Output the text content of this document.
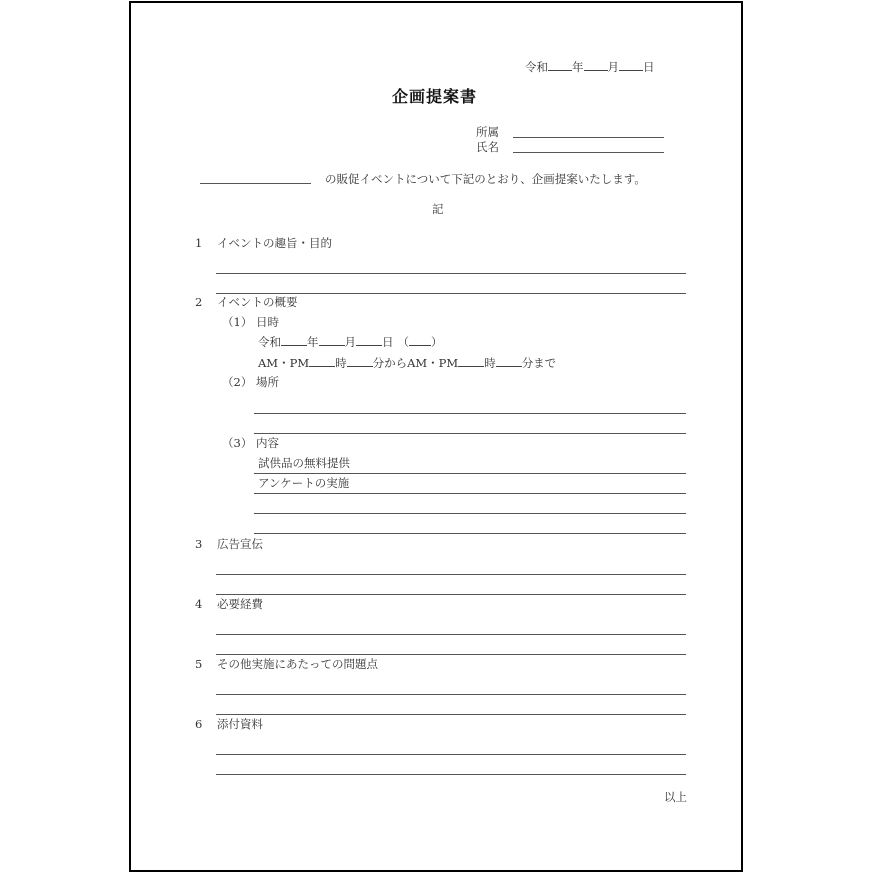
令和 年 月 日
企画提案書
所属
氏名
の販促イベントについて下記のとおり、企画提案いたします。
記
1 イベントの趣旨・目的
2 イベントの概要
（1） 日時
令和 年 月 日 （ ）
AM・PM 時 分からAM・PM 時 分まで
（2） 場所
（3） 内容
試供品の無料提供
アンケートの実施
3 広告宣伝
4 必要経費
5 その他実施にあたっての問題点
6 添付資料
以上
